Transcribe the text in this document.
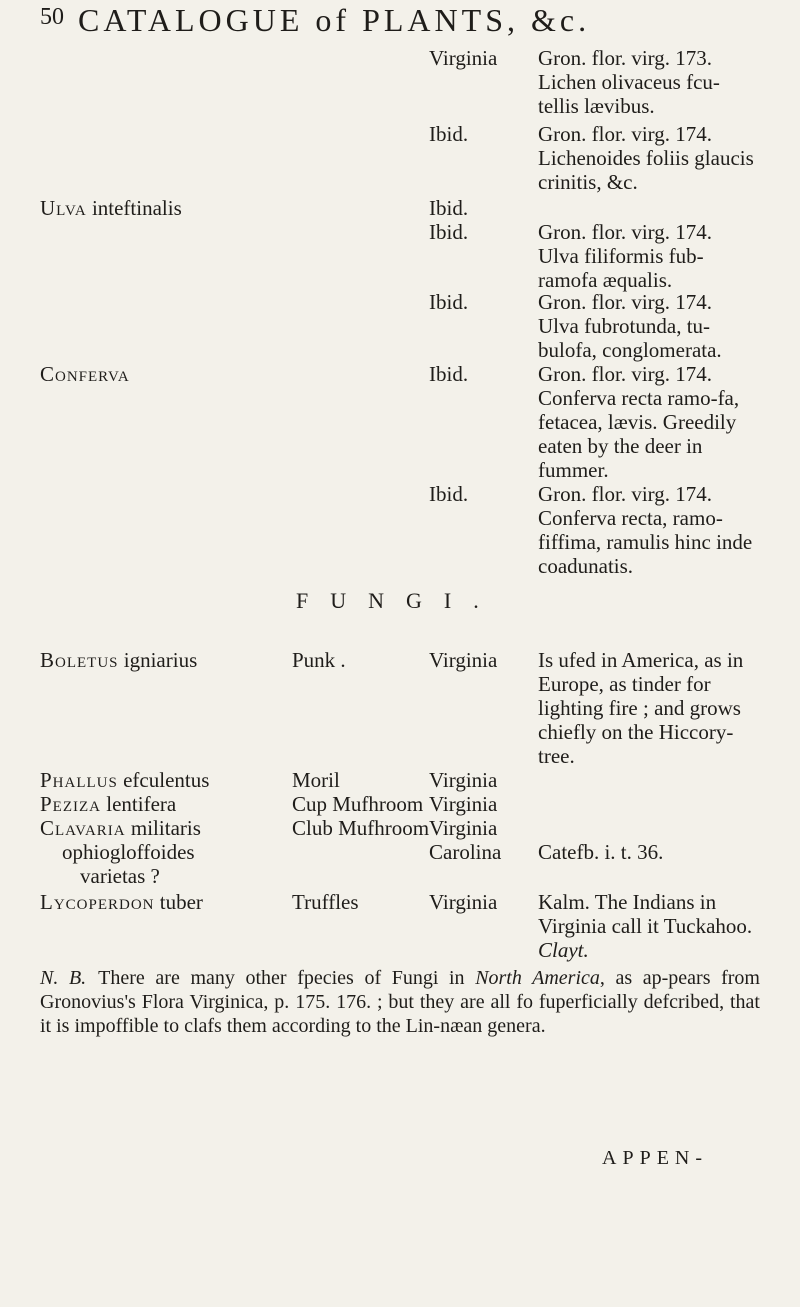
50 CATALOGUE of PLANTS, &c.
Virginia Gron. flor. virg. 173. Lichen olivaceus fcu-tellis lævibus.
Ibid.	Gron. flor. virg. 174. Lichenoides foliis glaucis crinitis, &c.
Ulva inteftinalis	Ibid.
Ibid.	Gron. flor. virg. 174. Ulva filiformis fub-ramofa æqualis.
Ibid.	Gron. flor. virg. 174. Ulva fubrotunda, tu-bulofa, conglomerata.
Conferva	Ibid.	Gron. flor. virg. 174. Conferva recta ramo-fa, fetacea, lævis. Greedily eaten by the deer in fummer.
Ibid.	Gron. flor. virg. 174. Conferva recta, ramo-fiffima, ramulis hinc inde coadunatis.
FUNGI.
Boletus igniarius	Punk .	Virginia Is ufed in America, as in Europe, as tinder for lighting fire ; and grows chiefly on the Hiccory-tree.
Phallus efculentus	Moril	Virginia
Peziza lentifera	Cup Mufhroom Virginia
Clavaria militaris	Club Mufhroom Virginia
ophiogloffoides	Carolina Catefb. i. t. 36.
varietas ?
Lycoperdon tuber	Truffles	Virginia Kalm. The Indians in Virginia call it Tuckahoo. Clayt.
N. B. There are many other fpecies of Fungi in North America, as ap-pears from Gronovius's Flora Virginica, p. 175. 176. ; but they are all fo fuperficially defcribed, that it is impoffible to clafs them according to the Lin-næan genera.
APPEN-
